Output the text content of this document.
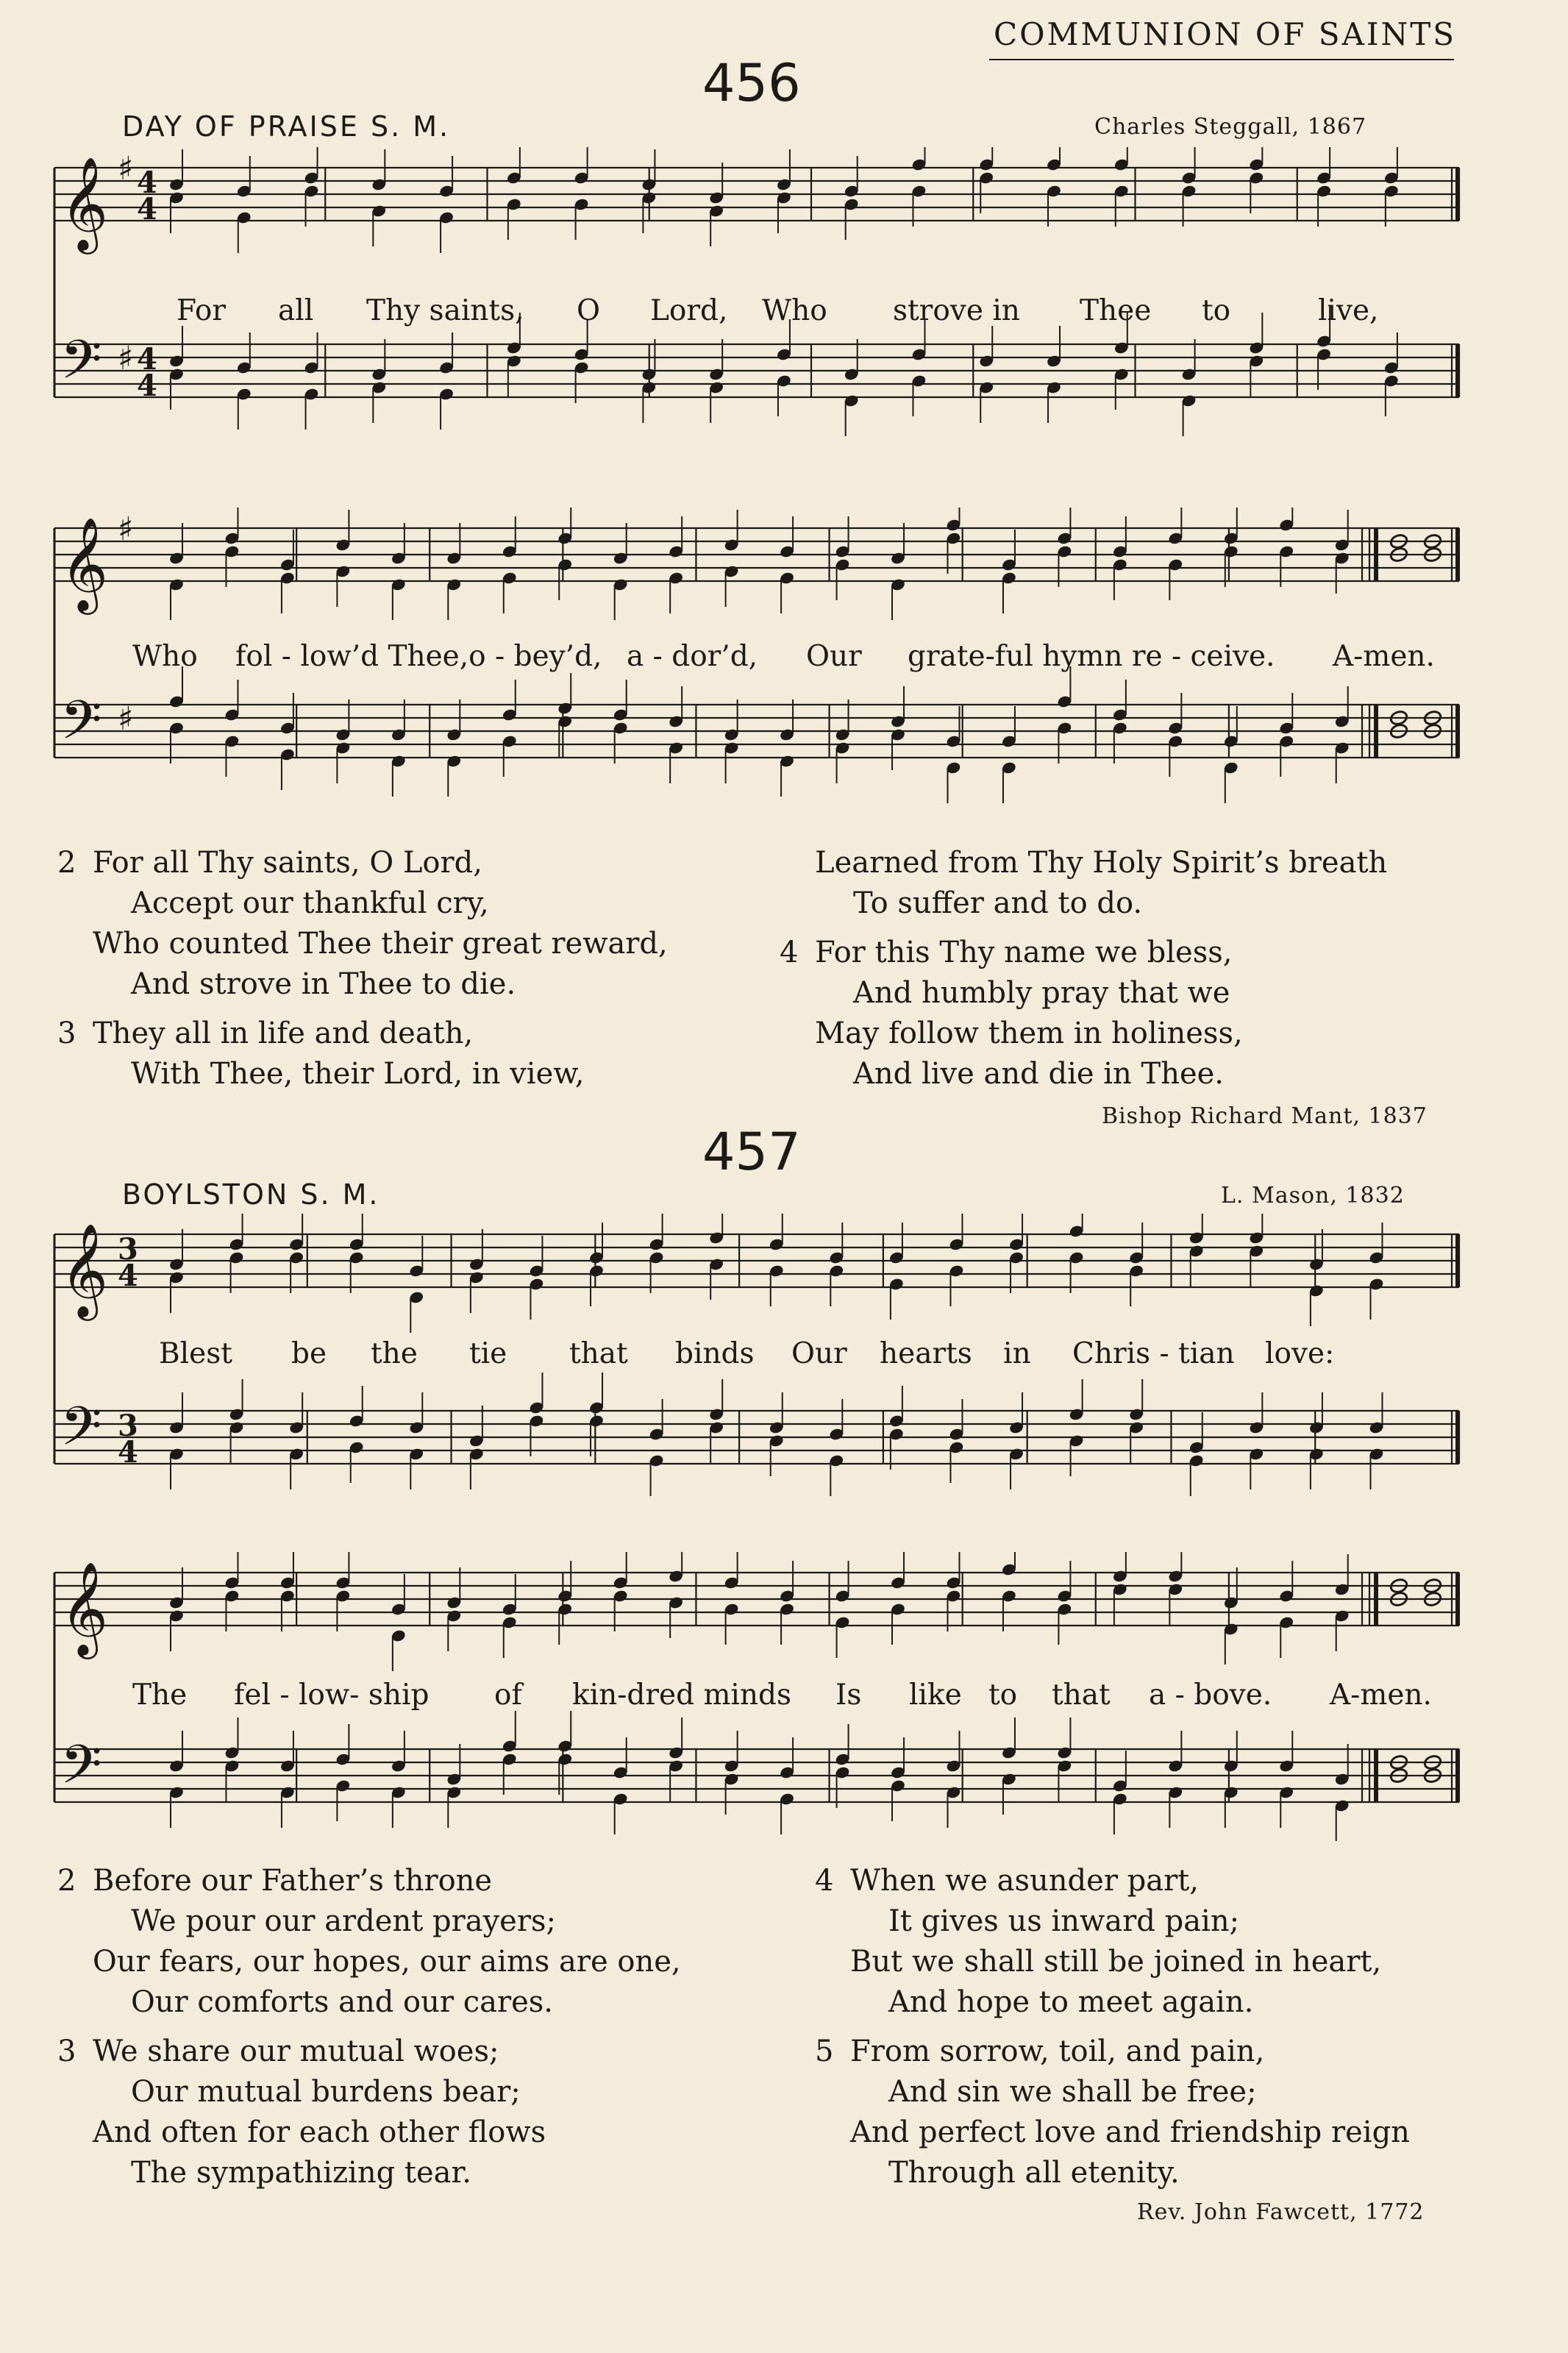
COMMUNION OF SAINTS
456
DAY OF PRAISE S. M.	Charles Steggall, 1867
𝄞
𝄢
♯
♯
4
4
4
4
For all Thy saints, O Lord, Who strove in Thee to	live,
𝄞
𝄢
♯
♯
Who fol - low’d Thee,o - bey’d, a - dor’d, Our grate-ful hymn re - ceive. A-men.
2 For all Thy saints, O Lord,
Accept our thankful cry,
Who counted Thee their great reward,
And strove in Thee to die.
3 They all in life and death,
With Thee, their Lord, in view,
Learned from Thy Holy Spirit’s breath
To suffer and to do.
4 For this Thy name we bless,
And humbly pray that we
May follow them in holiness,
And live and die in Thee.
Bishop Richard Mant, 1837
457
BOYLSTON S. M.	L. Mason, 1832
𝄞
𝄢
3
4
3
4
Blest be the tie that binds Our hearts in Chris - tian love:
𝄞
𝄢
The fel - low- ship of kin-dred minds Is like to that a - bove. A-men.
2 Before our Father’s throne
We pour our ardent prayers;
Our fears, our hopes, our aims are one,
Our comforts and our cares.
3 We share our mutual woes;
Our mutual burdens bear;
And often for each other flows
The sympathizing tear.
4 When we asunder part,
It gives us inward pain;
But we shall still be joined in heart,
And hope to meet again.
5 From sorrow, toil, and pain,
And sin we shall be free;
And perfect love and friendship reign
Through all etenity.
Rev. John Fawcett, 1772
